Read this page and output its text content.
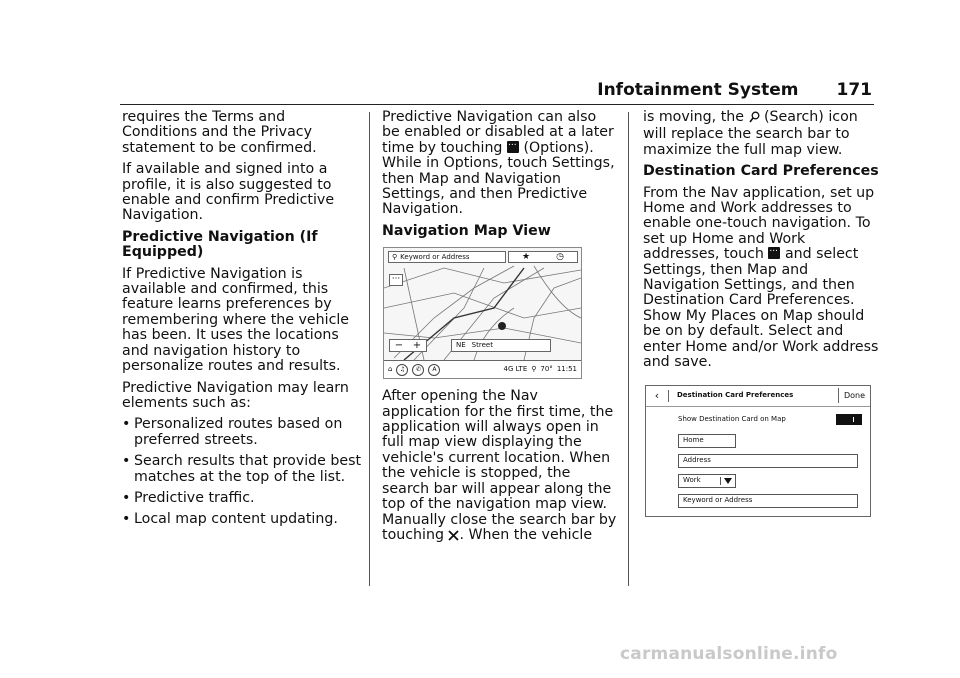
Infotainment System 171

requires the Terms and Conditions and the Privacy statement to be confirmed.

If available and signed into a profile, it is also suggested to enable and confirm Predictive Navigation.

Predictive Navigation (If Equipped)

If Predictive Navigation is available and confirmed, this feature learns preferences by remembering where the vehicle has been. It uses the locations and navigation history to personalize routes and results.

Predictive Navigation may learn elements such as:

• Personalized routes based on preferred streets.
• Search results that provide best matches at the top of the list.
• Predictive traffic.
• Local map content updating.

Predictive Navigation can also be enabled or disabled at a later time by touching ... (Options). While in Options, touch Settings, then Map and Navigation Settings, and then Predictive Navigation.

Navigation Map View
⚲ Keyword or Address	★	◷
···
− +	NE Street
⌂	♫	✆	A	4G LTE ⚲ 70° 11:51

After opening the Nav application for the first time, the application will always open in full map view displaying the vehicle's current location. When the vehicle is stopped, the search bar will appear along the top of the navigation map view. Manually close the search bar by touching . When the vehicle

is moving, the (Search) icon will replace the search bar to maximize the full map view.

Destination Card Preferences

From the Nav application, set up Home and Work addresses to enable one-touch navigation. To set up Home and Work addresses, touch ... and select Settings, then Map and Navigation Settings, and then Destination Card Preferences. Show My Places on Map should be on by default. Select and enter Home and/or Work address and save.

‹	Destination Card Preferences	Done
Show Destination Card on Map
Home
Address
Work
Keyword or Address
carmanualsonline.info
